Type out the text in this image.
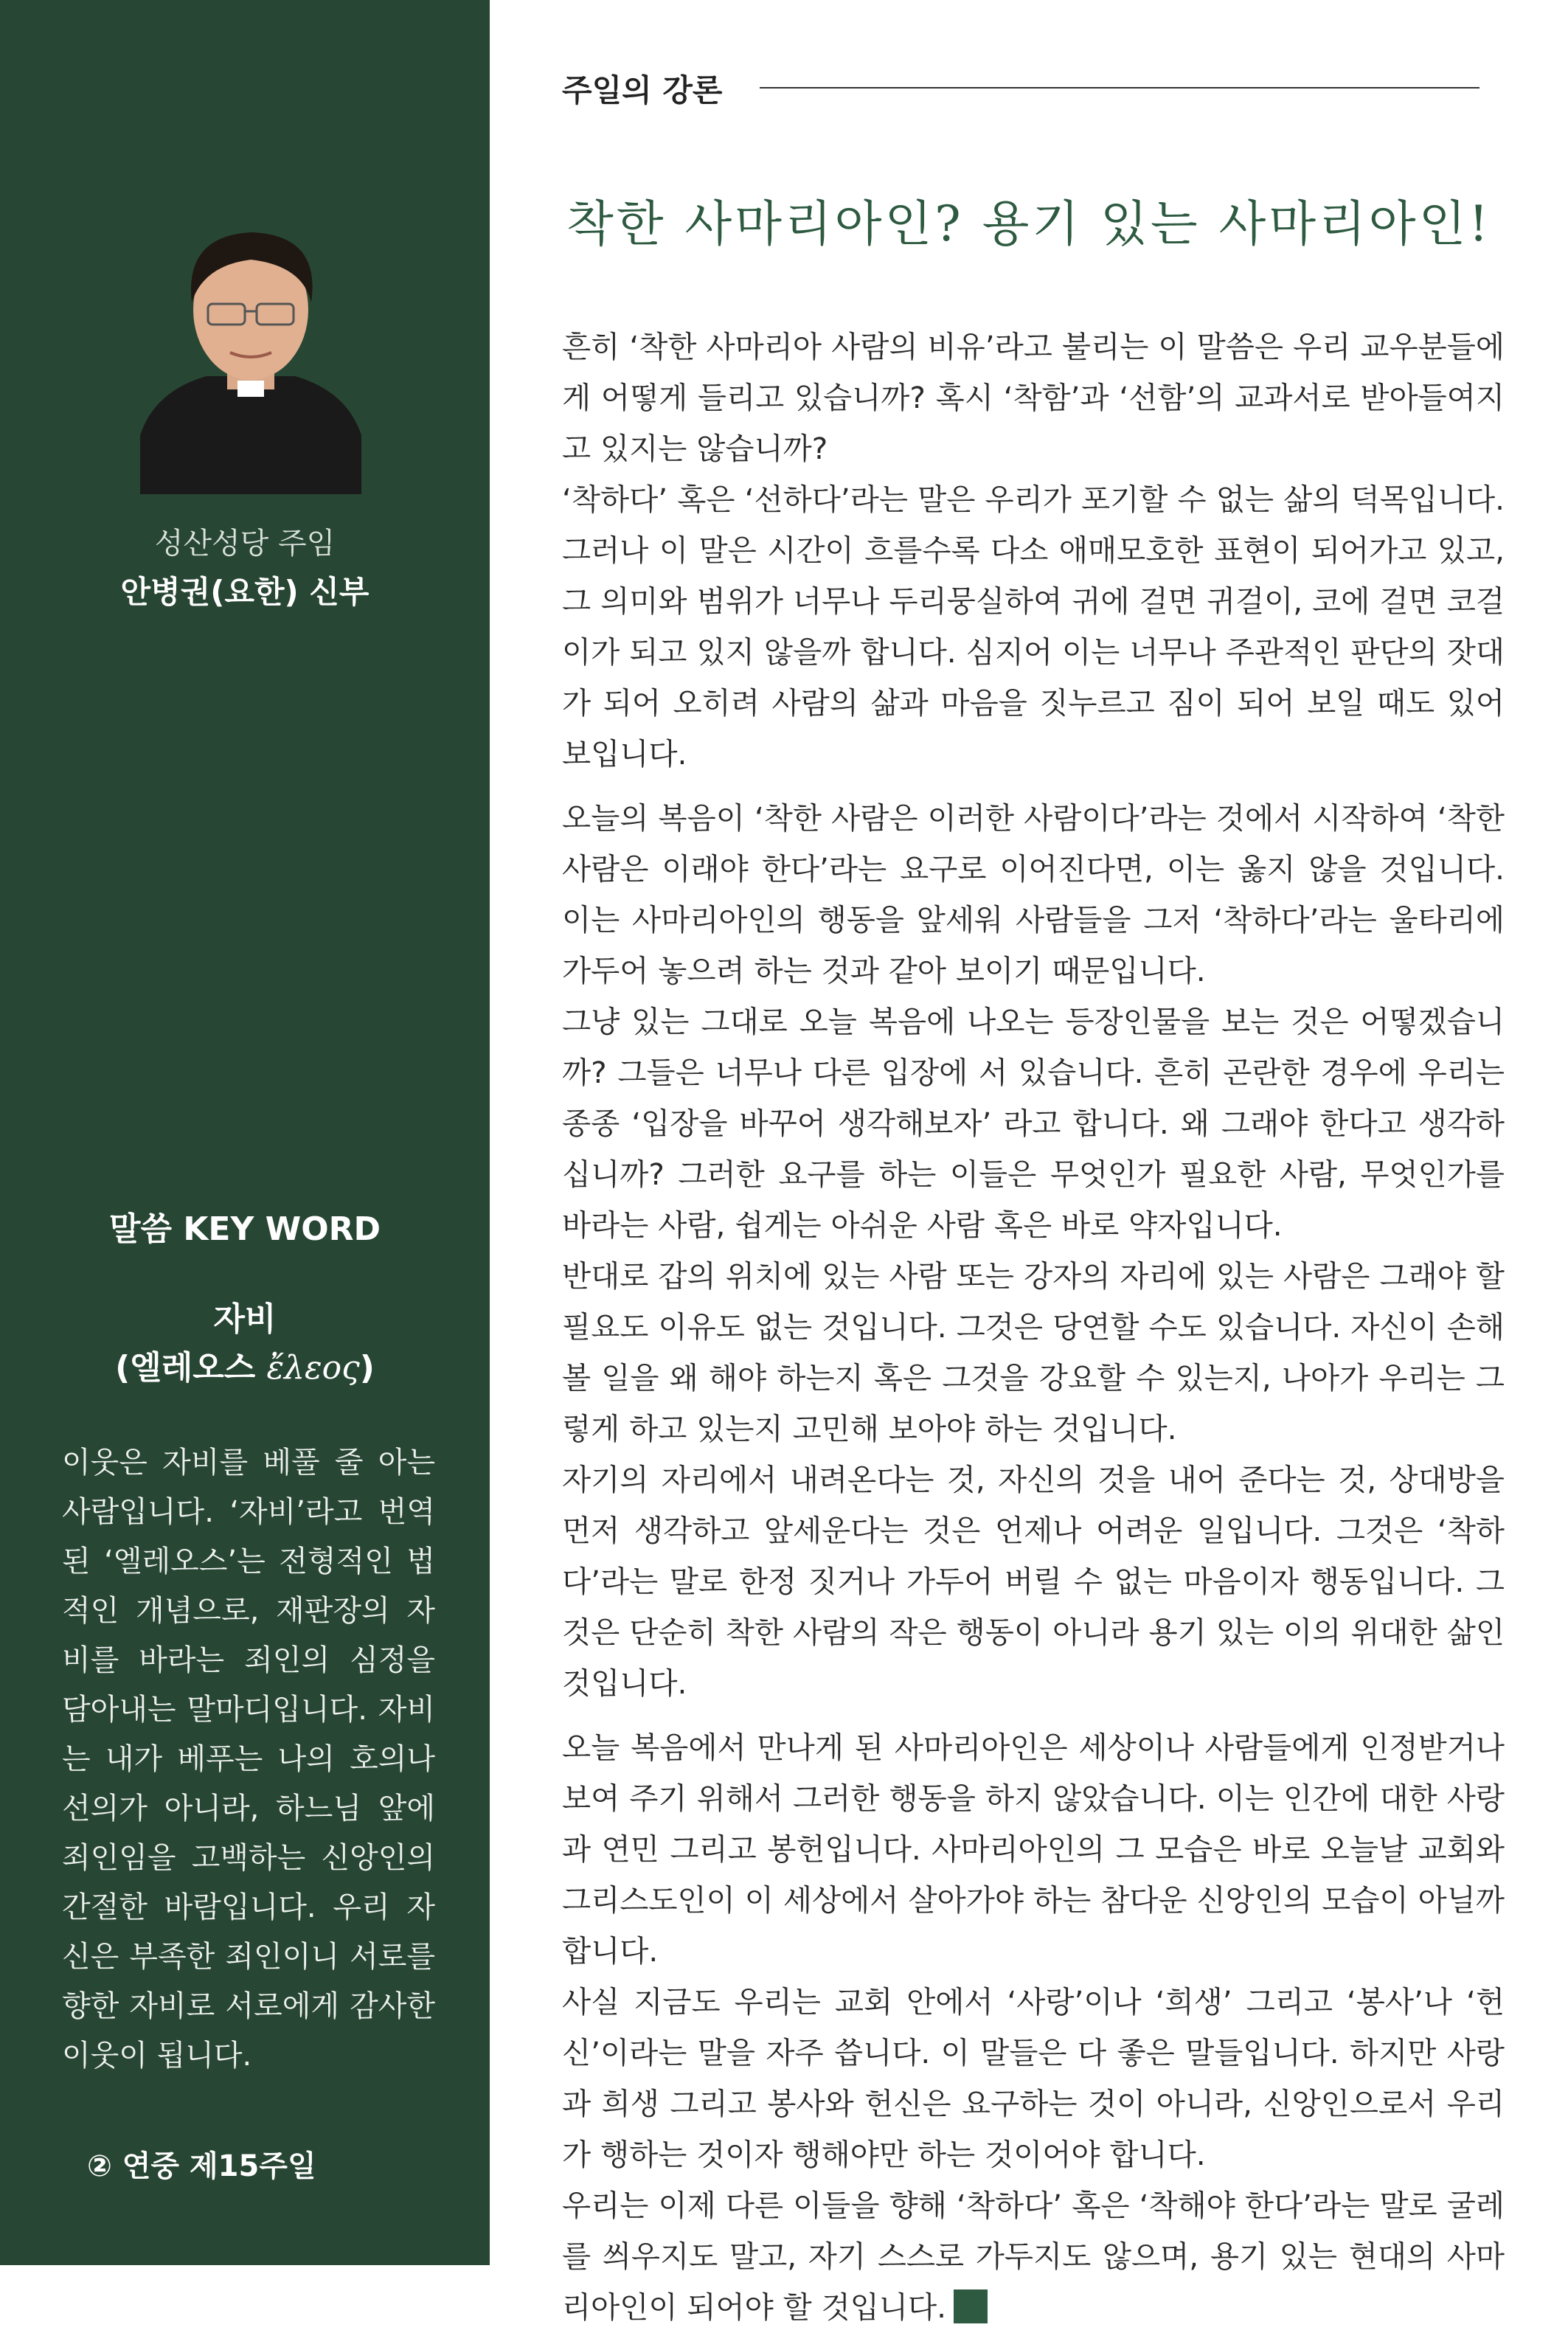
성산성당 주임
안병권(요한) 신부
말씀 KEY WORD
자비
(엘레오스 ἔλεος)
이웃은 자비를 베풀 줄 아는 사람입니다. ‘자비’라고 번역된 ‘엘레오스’는 전형적인 법적인 개념으로, 재판장의 자비를 바라는 죄인의 심정을 담아내는 말마디입니다. 자비는 내가 베푸는 나의 호의나 선의가 아니라, 하느님 앞에 죄인임을 고백하는 신앙인의 간절한 바람입니다. 우리 자신은 부족한 죄인이니 서로를 향한 자비로 서로에게 감사한 이웃이 됩니다.
② 연중 제15주일
주일의 강론
착한 사마리아인? 용기 있는 사마리아인!

흔히 ‘착한 사마리아 사람의 비유’라고 불리는 이 말씀은 우리 교우분들에게 어떻게 들리고 있습니까? 혹시 ‘착함’과 ‘선함’의 교과서로 받아들여지고 있지는 않습니까?

‘착하다’ 혹은 ‘선하다’라는 말은 우리가 포기할 수 없는 삶의 덕목입니다. 그러나 이 말은 시간이 흐를수록 다소 애매모호한 표현이 되어가고 있고, 그 의미와 범위가 너무나 두리뭉실하여 귀에 걸면 귀걸이, 코에 걸면 코걸이가 되고 있지 않을까 합니다. 심지어 이는 너무나 주관적인 판단의 잣대가 되어 오히려 사람의 삶과 마음을 짓누르고 짐이 되어 보일 때도 있어 보입니다.

오늘의 복음이 ‘착한 사람은 이러한 사람이다’라는 것에서 시작하여 ‘착한 사람은 이래야 한다’라는 요구로 이어진다면, 이는 옳지 않을 것입니다. 이는 사마리아인의 행동을 앞세워 사람들을 그저 ‘착하다’라는 울타리에 가두어 놓으려 하는 것과 같아 보이기 때문입니다.

그냥 있는 그대로 오늘 복음에 나오는 등장인물을 보는 것은 어떻겠습니까? 그들은 너무나 다른 입장에 서 있습니다. 흔히 곤란한 경우에 우리는 종종 ‘입장을 바꾸어 생각해보자’ 라고 합니다. 왜 그래야 한다고 생각하십니까? 그러한 요구를 하는 이들은 무엇인가 필요한 사람, 무엇인가를 바라는 사람, 쉽게는 아쉬운 사람 혹은 바로 약자입니다.

반대로 갑의 위치에 있는 사람 또는 강자의 자리에 있는 사람은 그래야 할 필요도 이유도 없는 것입니다. 그것은 당연할 수도 있습니다. 자신이 손해 볼 일을 왜 해야 하는지 혹은 그것을 강요할 수 있는지, 나아가 우리는 그렇게 하고 있는지 고민해 보아야 하는 것입니다.

자기의 자리에서 내려온다는 것, 자신의 것을 내어 준다는 것, 상대방을 먼저 생각하고 앞세운다는 것은 언제나 어려운 일입니다. 그것은 ‘착하다’라는 말로 한정 짓거나 가두어 버릴 수 없는 마음이자 행동입니다. 그것은 단순히 착한 사람의 작은 행동이 아니라 용기 있는 이의 위대한 삶인 것입니다.

오늘 복음에서 만나게 된 사마리아인은 세상이나 사람들에게 인정받거나 보여 주기 위해서 그러한 행동을 하지 않았습니다. 이는 인간에 대한 사랑과 연민 그리고 봉헌입니다. 사마리아인의 그 모습은 바로 오늘날 교회와 그리스도인이 이 세상에서 살아가야 하는 참다운 신앙인의 모습이 아닐까 합니다.

사실 지금도 우리는 교회 안에서 ‘사랑’이나 ‘희생’ 그리고 ‘봉사’나 ‘헌신’이라는 말을 자주 씁니다. 이 말들은 다 좋은 말들입니다. 하지만 사랑과 희생 그리고 봉사와 헌신은 요구하는 것이 아니라, 신앙인으로서 우리가 행하는 것이자 행해야만 하는 것이어야 합니다.

우리는 이제 다른 이들을 향해 ‘착하다’ 혹은 ‘착해야 한다’라는 말로 굴레를 씌우지도 말고, 자기 스스로 가두지도 않으며, 용기 있는 현대의 사마리아인이 되어야 할 것입니다.
